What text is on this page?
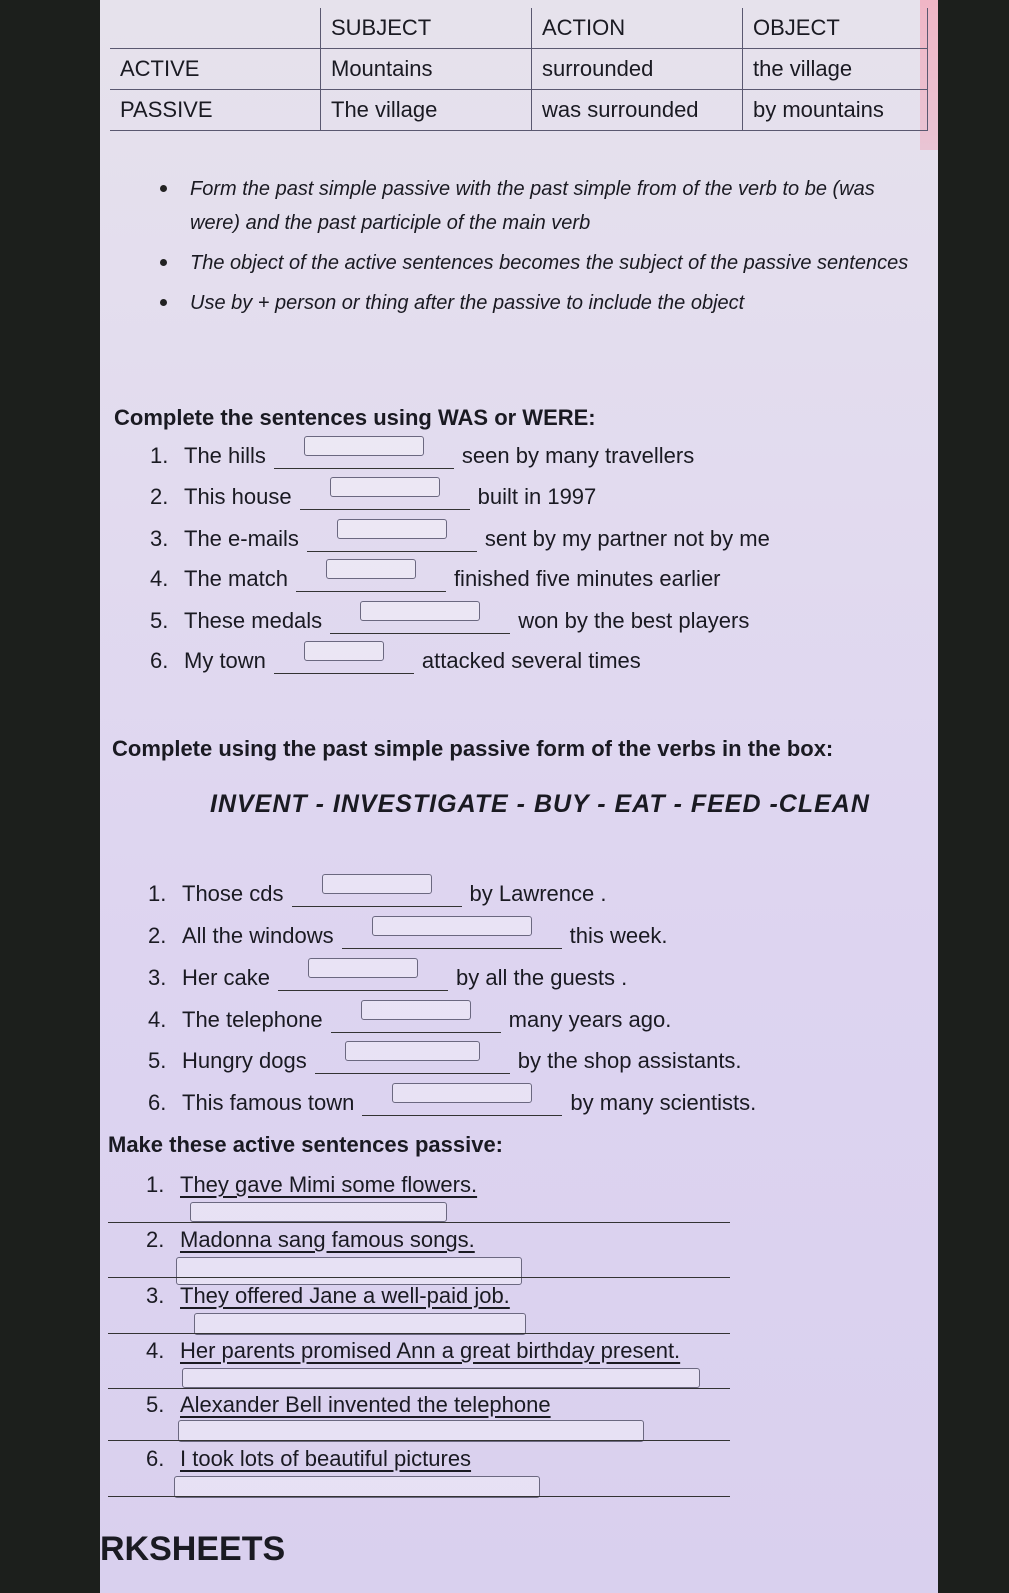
	SUBJECT	ACTION	OBJECT
ACTIVE	Mountains	surrounded	the village
PASSIVE	The village	was surrounded	by mountains
Form the past simple passive with the past simple from of the verb to be (was were) and the past participle of the main verb
The object of the active sentences becomes the subject of the passive sentences
Use by + person or thing after the passive to include the object
Complete the sentences using WAS or WERE:
1. The hills	seen by many travellers
2. This house	built in 1997
3. The e-mails	sent by my partner not by me
4. The match	finished five minutes earlier
5. These medals	won by the best players
6. My town	attacked several times
Complete using the past simple passive form of the verbs in the box:
INVENT - INVESTIGATE - BUY - EAT - FEED -CLEAN
1. Those cds	by Lawrence .
2. All the windows	this week.
3. Her cake	by all the guests .
4. The telephone	many years ago.
5. Hungry dogs	by the shop assistants.
6. This famous town	by many scientists.
Make these active sentences passive:
1. They gave Mimi some flowers.
2. Madonna sang famous songs.
3. They offered Jane a well-paid job.
4. Her parents promised Ann a great birthday present.
5. Alexander Bell invented the telephone
6. I took lots of beautiful pictures
RKSHEETS
